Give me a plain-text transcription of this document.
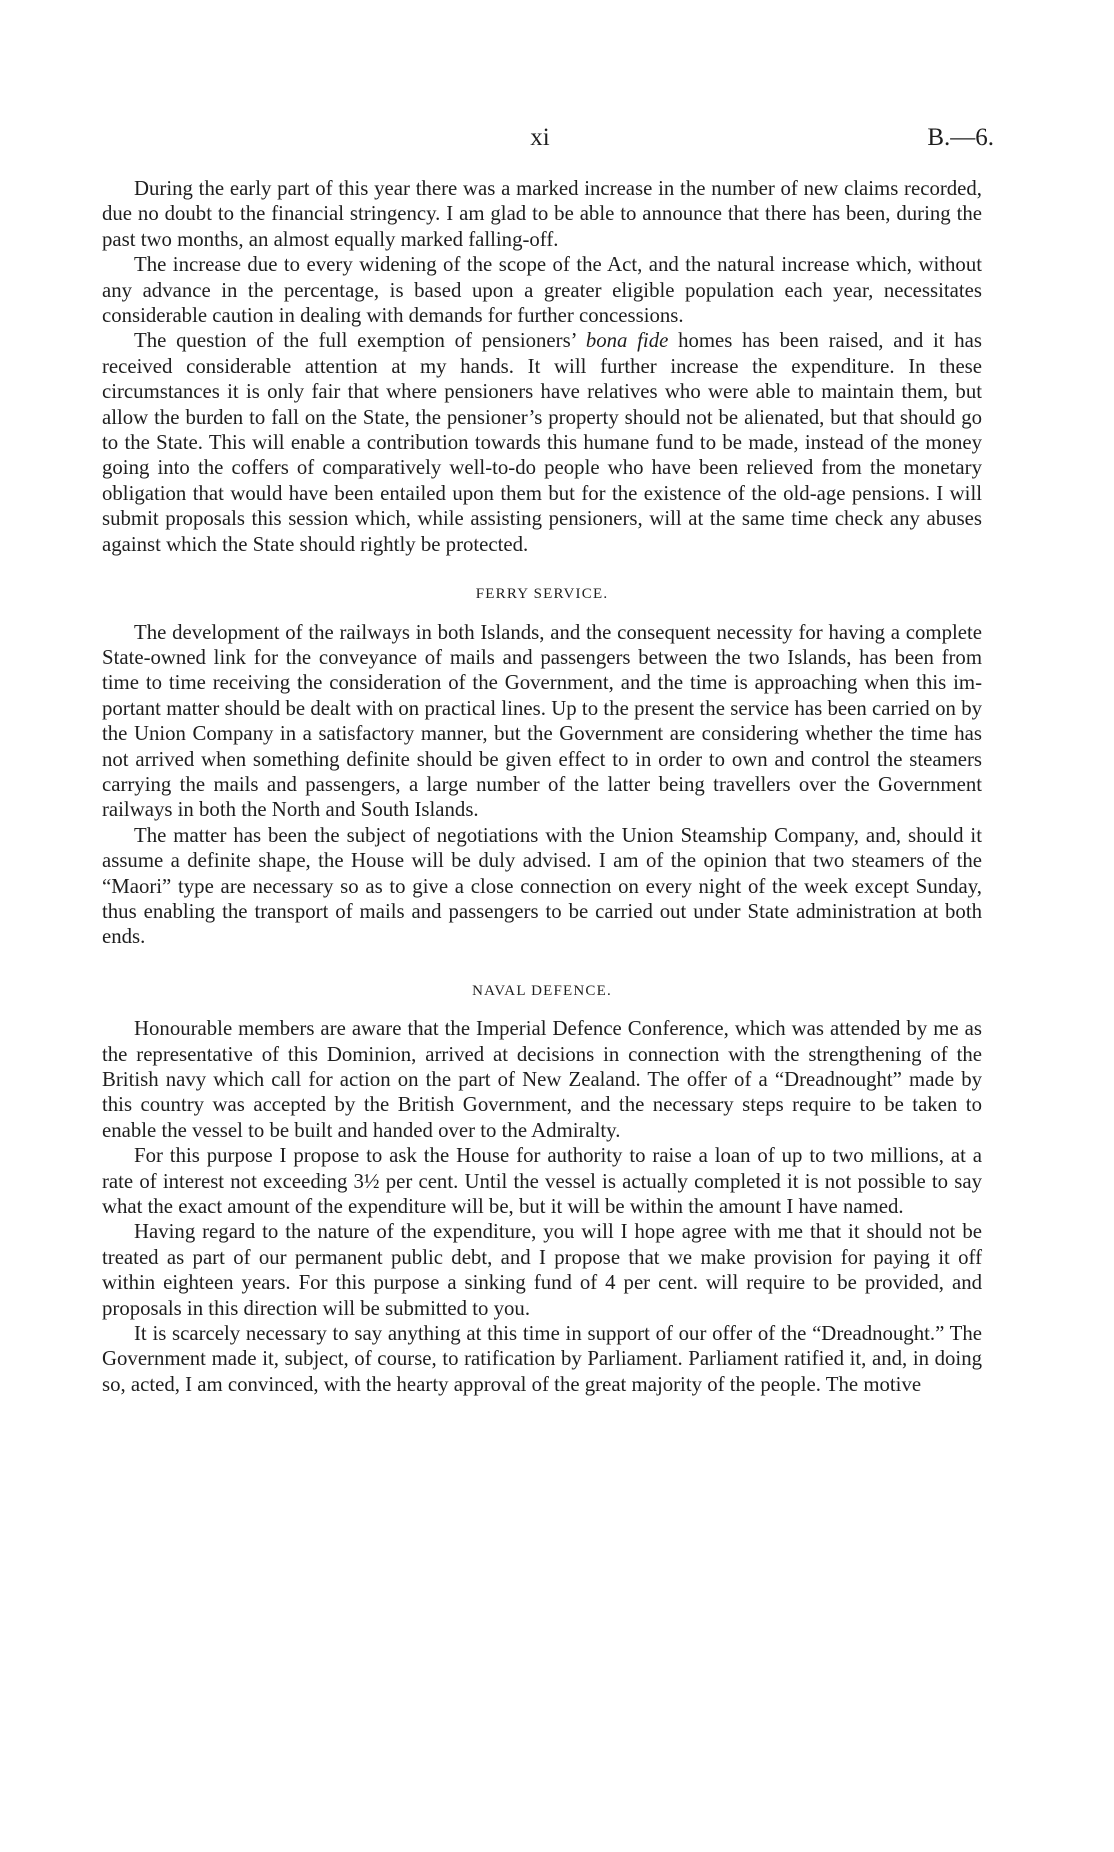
xi	B.—6.

During the early part of this year there was a marked increase in the number of new claims recorded, due no doubt to the financial stringency. I am glad to be able to announce that there has been, during the past two months, an almost equally marked falling-off.

The increase due to every widening of the scope of the Act, and the natural increase which, without any advance in the percentage, is based upon a greater eligible population each year, necessitates considerable caution in dealing with demands for further concessions.

The question of the full exemption of pensioners’ bona fide homes has been raised, and it has received considerable attention at my hands. It will further increase the expenditure. In these circumstances it is only fair that where pensioners have relatives who were able to maintain them, but allow the burden to fall on the State, the pensioner’s property should not be alienated, but that should go to the State. This will enable a contribution towards this humane fund to be made, instead of the money going into the coffers of comparatively well-to-do people who have been relieved from the monetary obligation that would have been entailed upon them but for the existence of the old-age pensions. I will submit proposals this session which, while assisting pensioners, will at the same time check any abuses against which the State should rightly be protected.

FERRY SERVICE.

The development of the railways in both Islands, and the consequent necessity for having a complete State-owned link for the conveyance of mails and passengers between the two Islands, has been from time to time receiving the consideration of the Government, and the time is approaching when this important matter should be dealt with on practical lines. Up to the present the service has been carried on by the Union Company in a satisfactory manner, but the Government are considering whether the time has not arrived when something definite should be given effect to in order to own and control the steamers carrying the mails and passengers, a large number of the latter being travellers over the Government railways in both the North and South Islands.

The matter has been the subject of negotiations with the Union Steamship Company, and, should it assume a definite shape, the House will be duly advised. I am of the opinion that two steamers of the “Maori” type are necessary so as to give a close connection on every night of the week except Sunday, thus enabling the transport of mails and passengers to be carried out under State administration at both ends.

NAVAL DEFENCE.

Honourable members are aware that the Imperial Defence Conference, which was attended by me as the representative of this Dominion, arrived at decisions in connection with the strengthening of the British navy which call for action on the part of New Zealand. The offer of a “Dreadnought” made by this country was accepted by the British Government, and the necessary steps require to be taken to enable the vessel to be built and handed over to the Admiralty.

For this purpose I propose to ask the House for authority to raise a loan of up to two millions, at a rate of interest not exceeding 3½ per cent. Until the vessel is actually completed it is not possible to say what the exact amount of the expenditure will be, but it will be within the amount I have named.

Having regard to the nature of the expenditure, you will I hope agree with me that it should not be treated as part of our permanent public debt, and I propose that we make provision for paying it off within eighteen years. For this purpose a sinking fund of 4 per cent. will require to be provided, and proposals in this direction will be submitted to you.

It is scarcely necessary to say anything at this time in support of our offer of the “Dreadnought.” The Government made it, subject, of course, to ratification by Parliament. Parliament ratified it, and, in doing so, acted, I am convinced, with the hearty approval of the great majority of the people. The motive
